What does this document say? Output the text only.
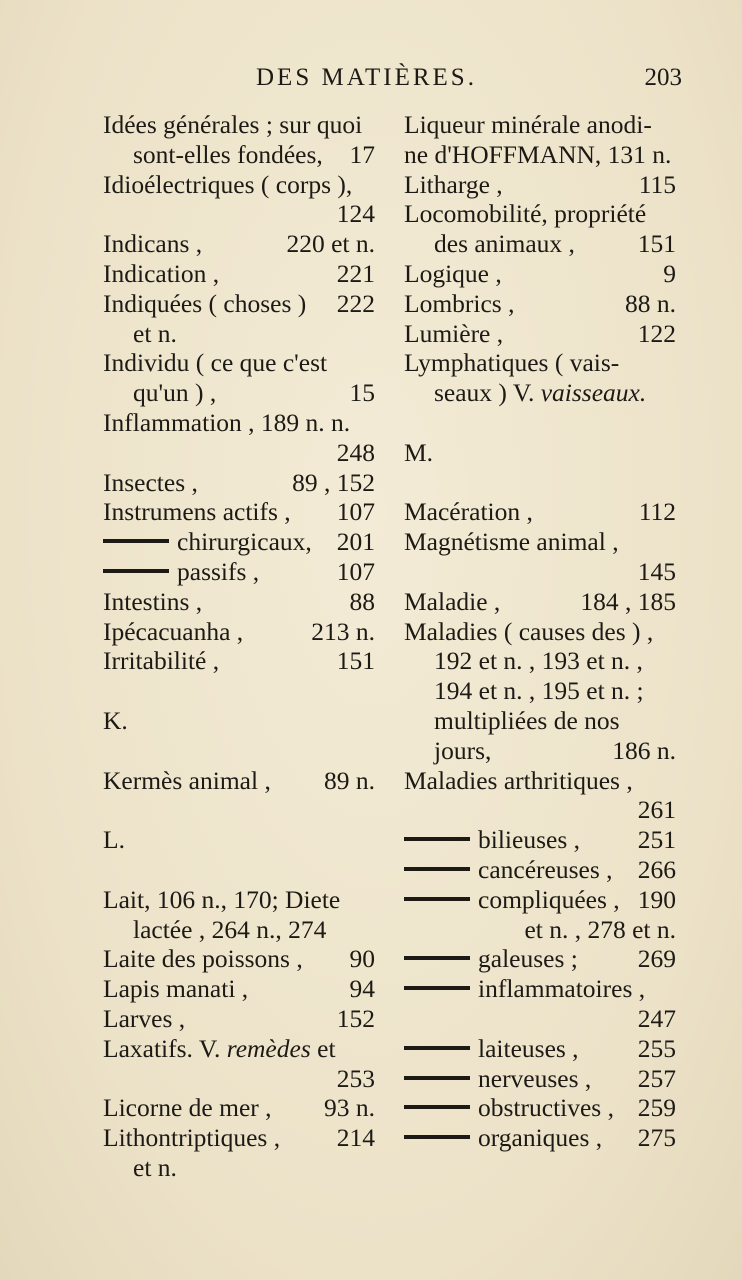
DES MATIÈRES.	203
Idées générales ; sur quoi
sont-elles fondées, 17
Idioélectriques ( corps ),
124
Indicans ,	220 et n.
Indication ,	221
Indiquées ( choses ) 222
et n.
Individu ( ce que c'est
qu'un ) ,	15
Inflammation , 189 n. n.
248
Insectes ,	89 , 152
Instrumens actifs , 107
chirurgicaux, 201
passifs ,	107
Intestins ,	88
Ipécacuanha ,	213 n.
Irritabilité ,	151
K.
Kermès animal , 89 n.
L.
Lait, 106 n., 170; Diete
lactée , 264 n., 274
Laite des poissons , 90
Lapis manati ,	94
Larves ,	152
Laxatifs. V. remèdes et
253
Licorne de mer , 93 n.
Lithontriptiques , 214
et n.
Liqueur minérale anodi-
ne d'HOFFMANN, 131 n.
Litharge ,	115
Locomobilité, propriété
des animaux , 151
Logique ,	9
Lombrics ,	88 n.
Lumière ,	122
Lymphatiques ( vais-
seaux ) V. vaisseaux.
M.
Macération ,	112
Magnétisme animal ,
145
Maladie ,	184 , 185
Maladies ( causes des ) ,
192 et n. , 193 et n. ,
194 et n. , 195 et n. ;
multipliées de nos
jours,	186 n.
Maladies arthritiques ,
261
bilieuses , 251
cancéreuses , 266
compliquées , 190
et n. , 278 et n.
galeuses ; 269
inflammatoires ,
247
laiteuses , 255
nerveuses , 257
obstructives , 259
organiques , 275
